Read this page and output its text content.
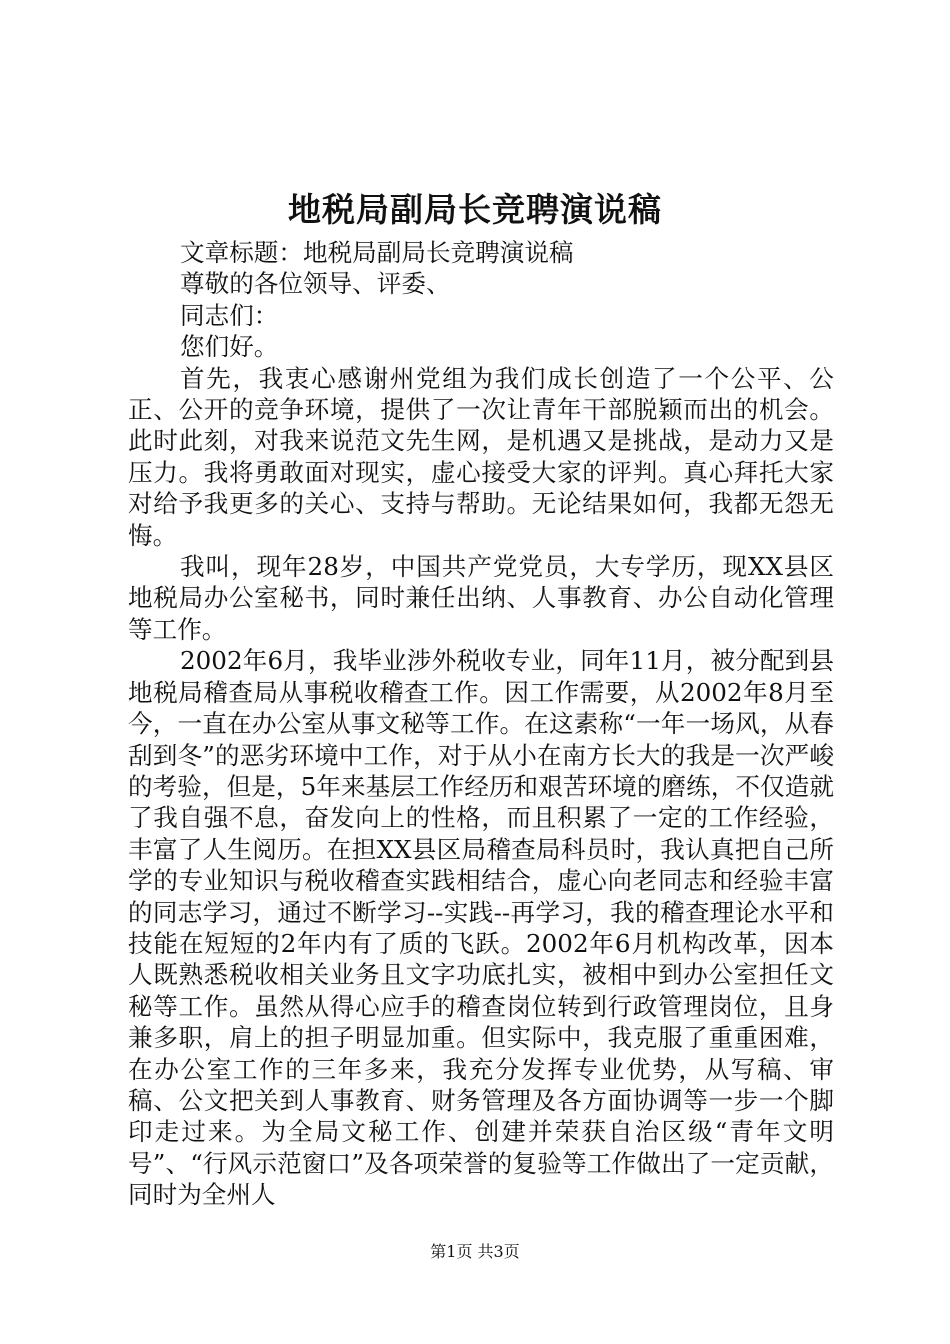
地税局副局长竞聘演说稿

文章标题：地税局副局长竞聘演说稿

尊敬的各位领导、评委、

同志们：

您们好。

首先，我衷心感谢州党组为我们成长创造了一个公平、公正、公开的竞争环境，提供了一次让青年干部脱颖而出的机会。此时此刻，对我来说范文先生网，是机遇又是挑战，是动力又是压力。我将勇敢面对现实，虚心接受大家的评判。真心拜托大家对给予我更多的关心、支持与帮助。无论结果如何，我都无怨无悔。

我叫，现年28岁，中国共产党党员，大专学历，现XX县区地税局办公室秘书，同时兼任出纳、人事教育、办公自动化管理等工作。

2002年6月，我毕业涉外税收专业，同年11月，被分配到县地税局稽查局从事税收稽查工作。因工作需要，从2002年8月至今，一直在办公室从事文秘等工作。在这素称“一年一场风，从春刮到冬”的恶劣环境中工作，对于从小在南方长大的我是一次严峻的考验，但是，5年来基层工作经历和艰苦环境的磨练，不仅造就了我自强不息，奋发向上的性格，而且积累了一定的工作经验，丰富了人生阅历。在担XX县区局稽查局科员时，我认真把自己所学的专业知识与税收稽查实践相结合，虚心向老同志和经验丰富的同志学习，通过不断学习--实践--再学习，我的稽查理论水平和技能在短短的2年内有了质的飞跃。2002年6月机构改革，因本人既熟悉税收相关业务且文字功底扎实，被相中到办公室担任文秘等工作。虽然从得心应手的稽查岗位转到行政管理岗位，且身兼多职，肩上的担子明显加重。但实际中，我克服了重重困难，在办公室工作的三年多来，我充分发挥专业优势，从写稿、审稿、公文把关到人事教育、财务管理及各方面协调等一步一个脚印走过来。为全局文秘工作、创建并荣获自治区级“青年文明号”、“行风示范窗口”及各项荣誉的复验等工作做出了一定贡献，同时为全州人

第1页 共3页
